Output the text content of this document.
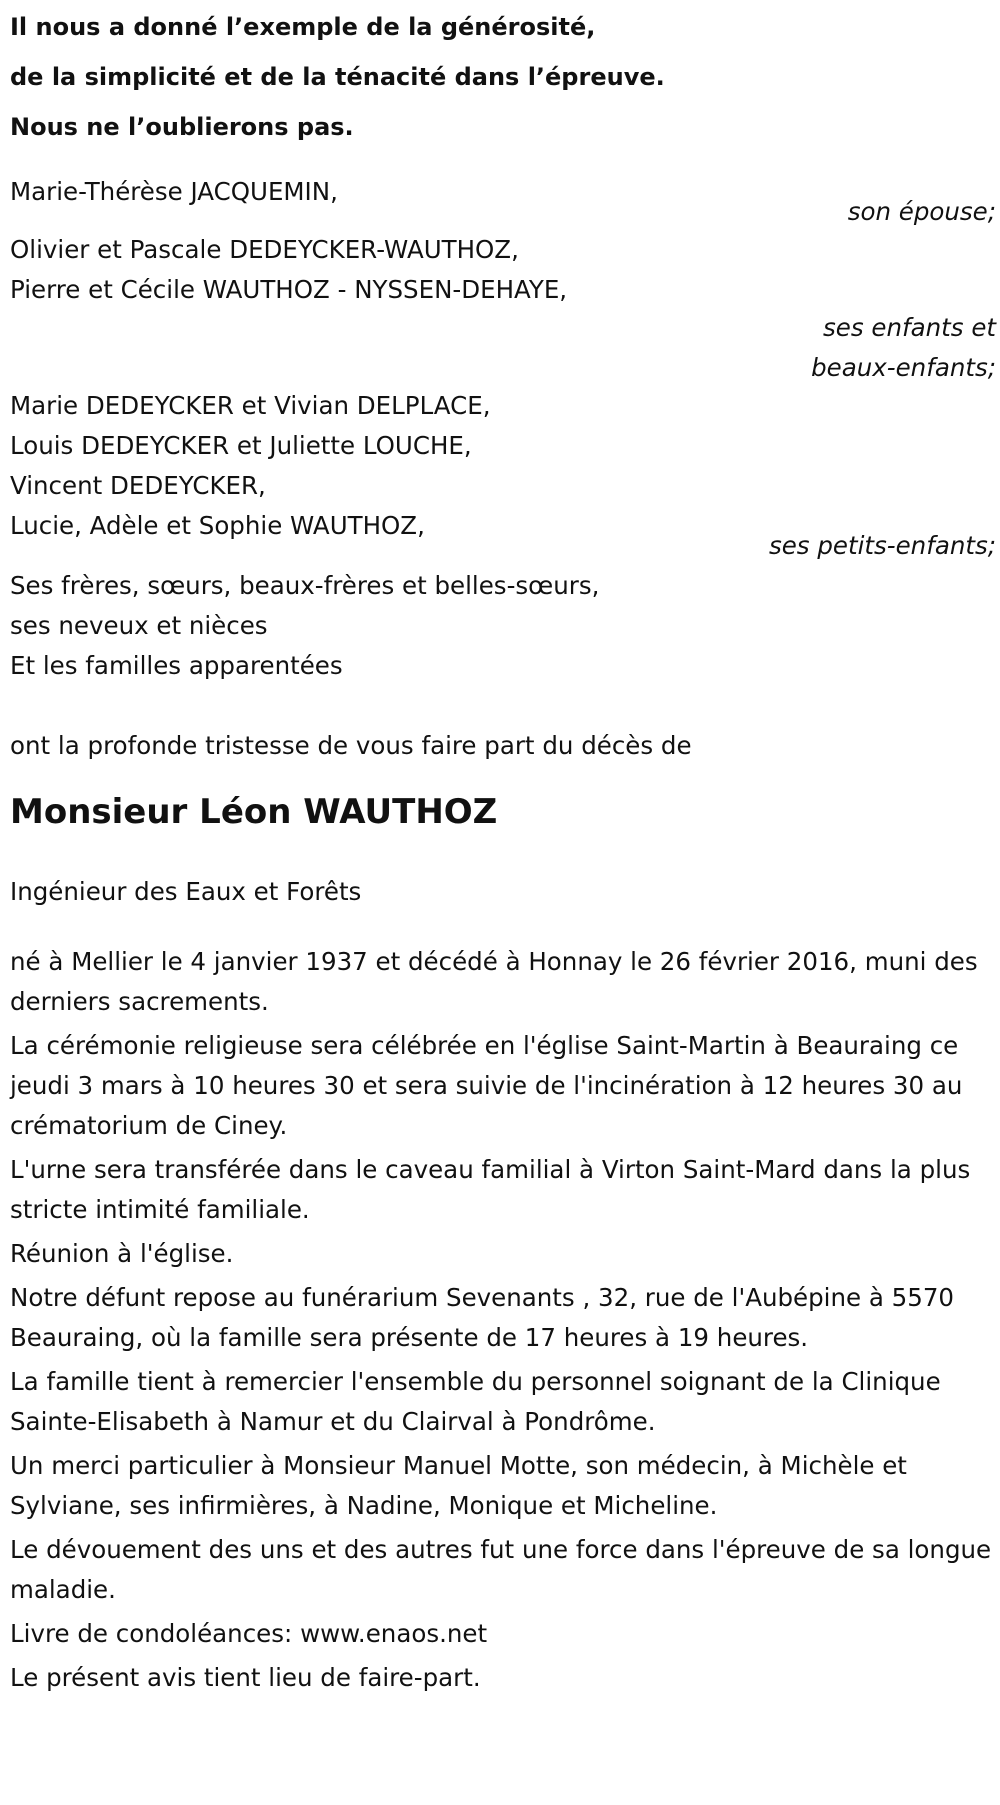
Il nous a donné l’exemple de la générosité,
de la simplicité et de la ténacité dans l’épreuve.
Nous ne l’oublierons pas.
Marie-Thérèse JACQUEMIN,
son épouse;
Olivier et Pascale DEDEYCKER-WAUTHOZ,
Pierre et Cécile WAUTHOZ - NYSSEN-DEHAYE,
ses enfants et
beaux-enfants;
Marie DEDEYCKER et Vivian DELPLACE,
Louis DEDEYCKER et Juliette LOUCHE,
Vincent DEDEYCKER,
Lucie, Adèle et Sophie WAUTHOZ,
ses petits-enfants;
Ses frères, sœurs, beaux-frères et belles-sœurs,
ses neveux et nièces
Et les familles apparentées
ont la profonde tristesse de vous faire part du décès de
Monsieur Léon WAUTHOZ
Ingénieur des Eaux et Forêts
né à Mellier le 4 janvier 1937 et décédé à Honnay le 26 février 2016, muni des derniers sacrements.
La cérémonie religieuse sera célébrée en l'église Saint-Martin à Beauraing ce jeudi 3 mars à 10 heures 30 et sera suivie de l'incinération à 12 heures 30 au crématorium de Ciney.
L'urne sera transférée dans le caveau familial à Virton Saint-Mard dans la plus stricte intimité familiale.
Réunion à l'église.
Notre défunt repose au funérarium Sevenants , 32, rue de l'Aubépine à 5570 Beauraing, où la famille sera présente de 17 heures à 19 heures.
La famille tient à remercier l'ensemble du personnel soignant de la Clinique Sainte-Elisabeth à Namur et du Clairval à Pondrôme.
Un merci particulier à Monsieur Manuel Motte, son médecin, à Michèle et Sylviane, ses infirmières, à Nadine, Monique et Micheline.
Le dévouement des uns et des autres fut une force dans l'épreuve de sa longue maladie.
Livre de condoléances: www.enaos.net
Le présent avis tient lieu de faire-part.
